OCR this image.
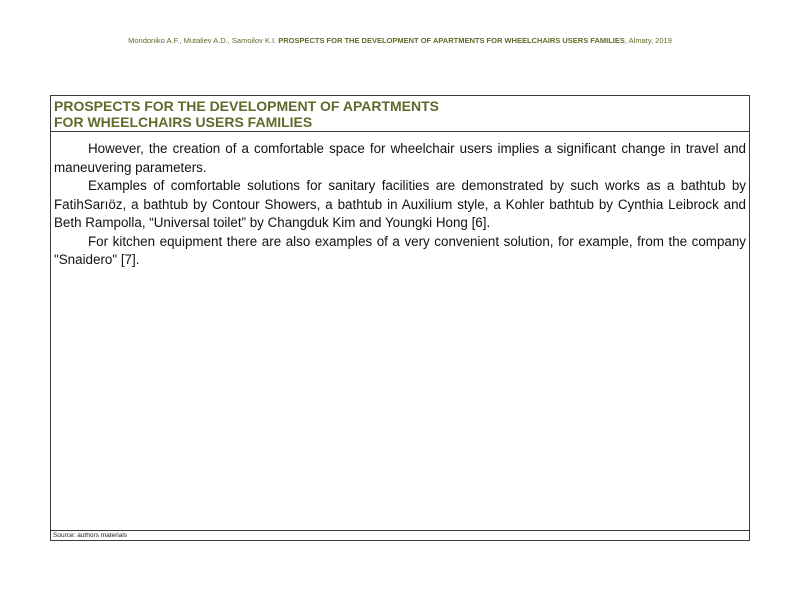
Mondoniko A.F., Mutaliev A.D., Samoilov K.I. PROSPECTS FOR THE DEVELOPMENT OF APARTMENTS FOR WHEELCHAIRS USERS FAMILIES, Almaty, 2019
PROSPECTS FOR THE DEVELOPMENT OF APARTMENTS
FOR WHEELCHAIRS USERS FAMILIES

However, the creation of a comfortable space for wheelchair users implies a significant change in travel and maneuvering parameters.

Examples of comfortable solutions for sanitary facilities are demonstrated by such works as a bathtub by FatihSarıöz, a bathtub by Contour Showers, a bathtub in Auxilium style, a Kohler bathtub by Cynthia Leibrock and Beth Rampolla, “Universal toilet” by Changduk Kim and Youngki Hong [6].

For kitchen equipment there are also examples of a very convenient solution, for example, from the company "Snaidero" [7].

Source: authors materials
